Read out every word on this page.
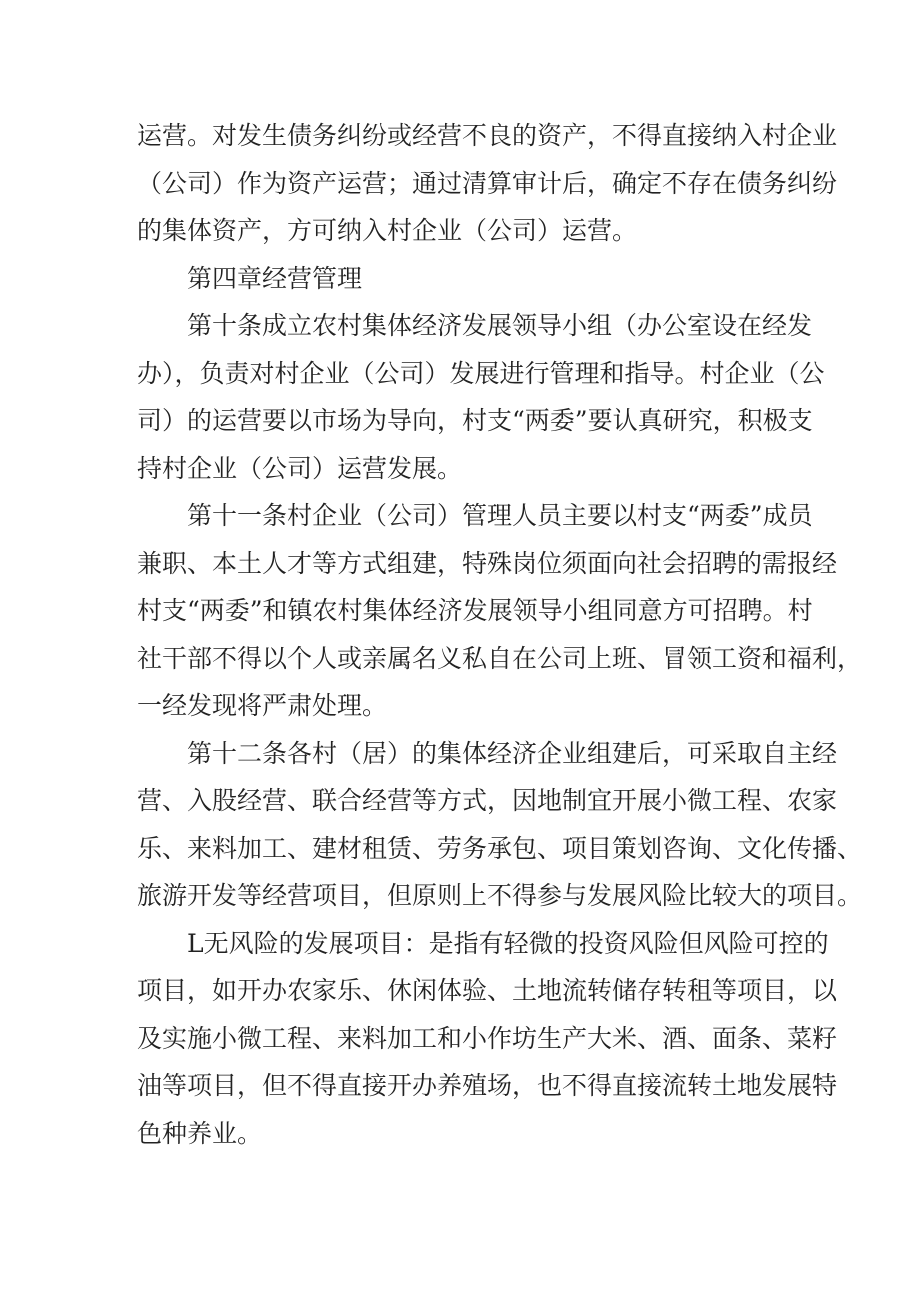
运营。对发生债务纠纷或经营不良的资产，不得直接纳入村企业
（公司）作为资产运营；通过清算审计后，确定不存在债务纠纷
的集体资产，方可纳入村企业（公司）运营。
第四章经营管理
第十条成立农村集体经济发展领导小组（办公室设在经发
办），负责对村企业（公司）发展进行管理和指导。村企业（公
司）的运营要以市场为导向，村支“两委”要认真研究，积极支
持村企业（公司）运营发展。
第十一条村企业（公司）管理人员主要以村支“两委”成员
兼职、本土人才等方式组建，特殊岗位须面向社会招聘的需报经
村支“两委”和镇农村集体经济发展领导小组同意方可招聘。村
社干部不得以个人或亲属名义私自在公司上班、冒领工资和福利，
一经发现将严肃处理。
第十二条各村（居）的集体经济企业组建后，可采取自主经
营、入股经营、联合经营等方式，因地制宜开展小微工程、农家
乐、来料加工、建材租赁、劳务承包、项目策划咨询、文化传播、
旅游开发等经营项目，但原则上不得参与发展风险比较大的项目。
L无风险的发展项目：是指有轻微的投资风险但风险可控的
项目，如开办农家乐、休闲体验、土地流转储存转租等项目，以
及实施小微工程、来料加工和小作坊生产大米、酒、面条、菜籽
油等项目，但不得直接开办养殖场，也不得直接流转土地发展特
色种养业。
